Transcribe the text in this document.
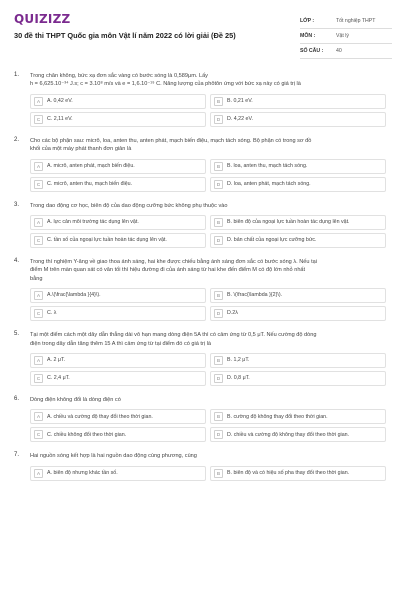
QUIZIZZ
30 đề thi THPT Quốc gia môn Vật lí năm 2022 có lời giải (Đề 25)
LỚP :	Tốt nghiệp THPT
MÔN :	Vật lý
SỐ CÂU :	40
1. Trong chân không, bức xạ đơn sắc vàng có bước sóng là 0,589μm. Lấy
h = 6,625.10⁻³⁴ J.s; c = 3.10⁸ m/s và e = 1,6.10⁻¹⁹ C. Năng lượng của phôtôn ứng với bức xạ này có giá trị là
A	A. 0,42 eV.	B	B. 0,21 eV.
C	C. 2,11 eV.	D	D. 4,22 eV.
2. Cho các bộ phận sau: micrô, loa, anten thu, anten phát, mạch biến điệu, mạch tách sóng. Bộ phận có trong sơ đồ
khối của một máy phát thanh đơn giản là
A	A. micrô, anten phát, mạch biến điệu.	B	B. loa, anten thu, mạch tách sóng.
C	C. micrô, anten thu, mạch biến điệu.	D	D. loa, anten phát, mạch tách sóng.
3. Trong dao động cơ học, biên độ của dao động cưỡng bức không phụ thuộc vào
A	A. lực cản môi trường tác dụng lên vật.	B	B. biên độ của ngoại lực tuần hoàn tác dụng lên vật.
C	C. tần số của ngoại lực tuần hoàn tác dụng lên vật.	D	D. bản chất của ngoại lực cưỡng bức.
4. Trong thí nghiệm Y-âng về giao thoa ánh sáng, hai khe được chiếu bằng ánh sáng đơn sắc có bước sóng λ. Nếu tại
điểm M trên màn quan sát có vân tối thì hiệu đường đi của ánh sáng từ hai khe đến điểm M có độ lớn nhỏ nhất
bằng
A	A.\(\frac{\lambda }{4}\).	B	B. \(\frac{\lambda }{2}\).
C	C. λ	D	D.2λ
5. Tại một điểm cách một dây dẫn thẳng dài vô hạn mang dòng điện 5A thì có cảm ứng từ 0,5 μT. Nếu cường độ dòng
điện trong dây dẫn tăng thêm 15 A thì cảm ứng từ tại điểm đó có giá trị là
A	A. 2 μT.	B	B. 1,2 μT.
C	C. 2,4 μT.	D	D. 0,8 μT.
6. Dòng điện không đổi là dòng điện có
A	A. chiều và cường độ thay đổi theo thời gian.	B	B. cường độ không thay đổi theo thời gian.
C	C. chiều không đổi theo thời gian.	D	D. chiều và cường độ không thay đổi theo thời gian.
7. Hai nguồn sóng kết hợp là hai nguồn dao động cùng phương, cùng
A	A. biên độ nhưng khác tần số.	B	B. biên độ và có hiệu số pha thay đổi theo thời gian.
